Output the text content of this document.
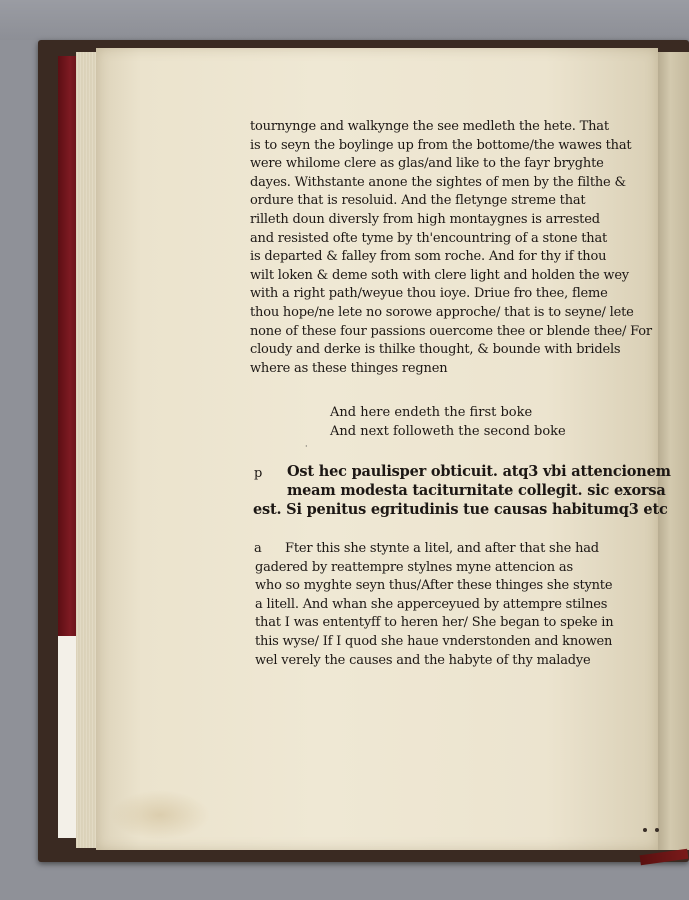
tournynge and walkynge the see medleth the hete. That
is to seyn the boylinge up from the bottome/the wawes that
were whilome clere as glas/and like to the fayr bryghte
dayes. Withstante anone the sightes of men by the filthe &
ordure that is resoluid. And the fletynge streme that
rilleth doun diversly from high montaygnes is arrested
and resisted ofte tyme by th'encountring of a stone that
is departed & falley from som roche. And for thy if thou
wilt loken & deme soth with clere light and holden the wey
with a right path/weyue thou ioye. Driue fro thee, fleme
thou hope/ne lete no sorowe approche/ that is to seyne/ lete
none of these four passions ouercome thee or blende thee/ For
cloudy and derke is thilke thought, & bounde with bridels
where as these thinges regnen
And here endeth the first boke
And next followeth the second boke
·
p Ost hec paulisper obticuit. atq3 vbi attencionem
meam modesta taciturnitate collegit. sic exorsa
est. Si penitus egritudinis tue causas habitumq3 etc
a Fter this she stynte a litel, and after that she had
gadered by reattempre stylnes myne attencion as
who so myghte seyn thus/After these thinges she stynte
a litell. And whan she apperceyued by attempre stilnes
that I was ententyff to heren her/ She began to speke in
this wyse/ If I quod she haue vnderstonden and knowen
wel verely the causes and the habyte of thy maladye
